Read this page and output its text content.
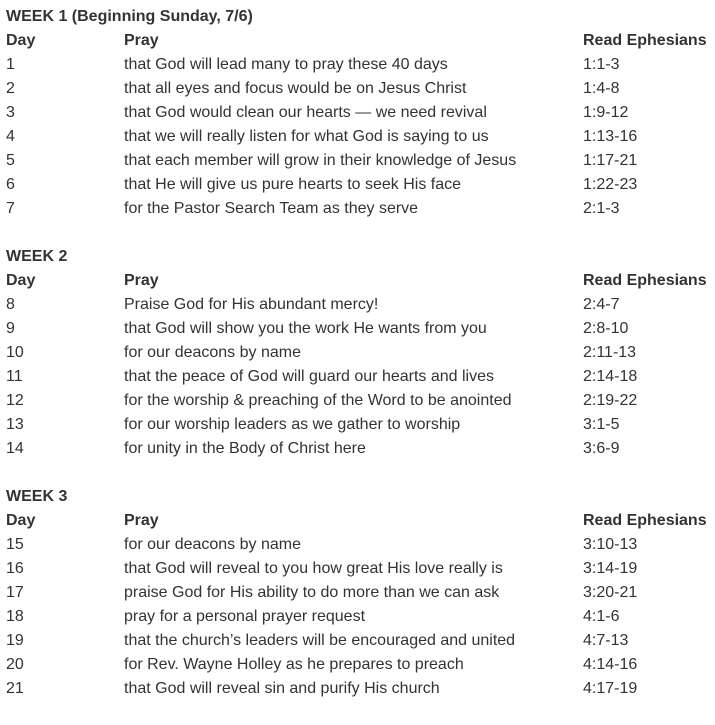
WEEK 1 (Beginning Sunday, 7/6)
Day	Pray	Read Ephesians
1	that God will lead many to pray these 40 days	1:1-3
2	that all eyes and focus would be on Jesus Christ	1:4-8
3	that God would clean our hearts — we need revival	1:9-12
4	that we will really listen for what God is saying to us	1:13-16
5	that each member will grow in their knowledge of Jesus	1:17-21
6	that He will give us pure hearts to seek His face	1:22-23
7	for the Pastor Search Team as they serve	2:1-3
WEEK 2
Day	Pray	Read Ephesians
8	Praise God for His abundant mercy!	2:4-7
9	that God will show you the work He wants from you	2:8-10
10	for our deacons by name	2:11-13
11	that the peace of God will guard our hearts and lives	2:14-18
12	for the worship & preaching of the Word to be anointed	2:19-22
13	for our worship leaders as we gather to worship	3:1-5
14	for unity in the Body of Christ here	3:6-9
WEEK 3
Day	Pray	Read Ephesians
15	for our deacons by name	3:10-13
16	that God will reveal to you how great His love really is	3:14-19
17	praise God for His ability to do more than we can ask	3:20-21
18	pray for a personal prayer request	4:1-6
19	that the church’s leaders will be encouraged and united	4:7-13
20	for Rev. Wayne Holley as he prepares to preach	4:14-16
21	that God will reveal sin and purify His church	4:17-19
